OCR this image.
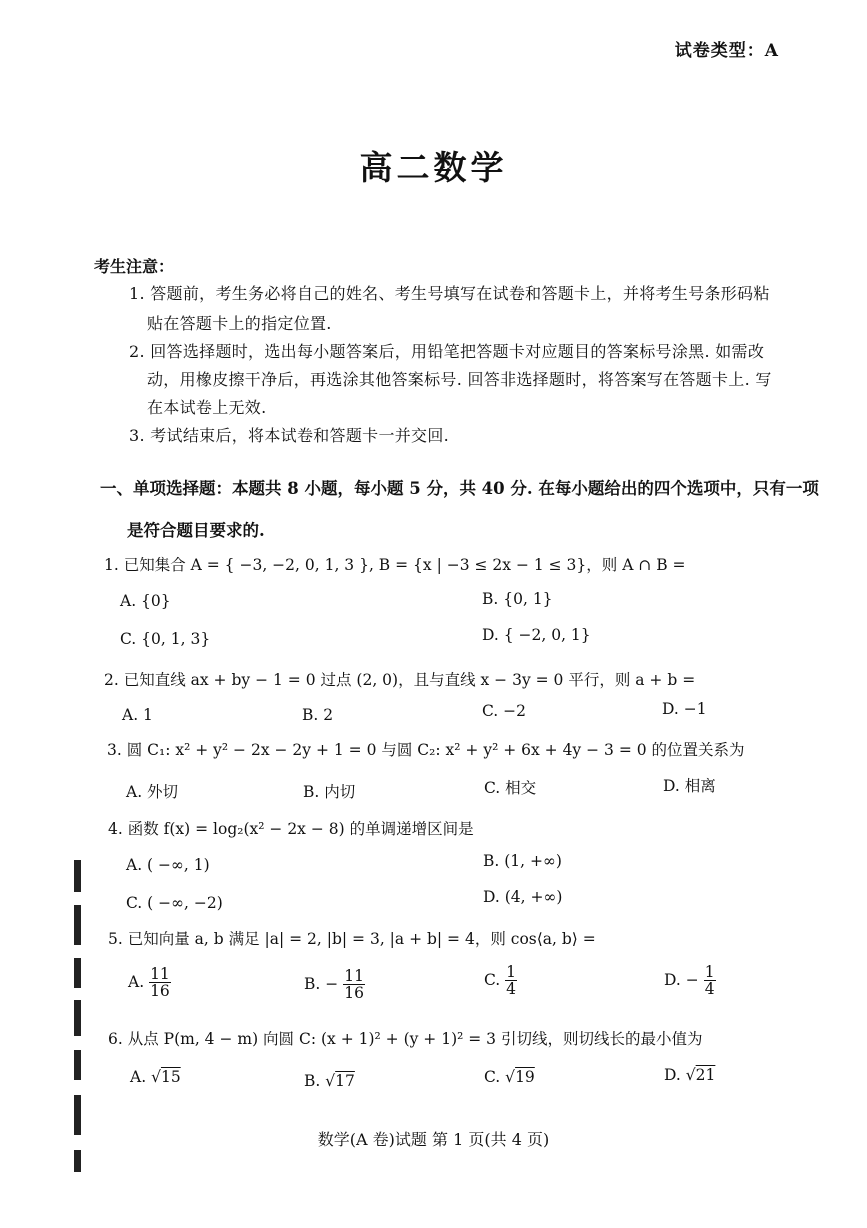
试卷类型：A
高二数学
考生注意：
1. 答题前，考生务必将自己的姓名、考生号填写在试卷和答题卡上，并将考生号条形码粘
贴在答题卡上的指定位置.
2. 回答选择题时，选出每小题答案后，用铅笔把答题卡对应题目的答案标号涂黑. 如需改
动，用橡皮擦干净后，再选涂其他答案标号. 回答非选择题时，将答案写在答题卡上. 写
在本试卷上无效.
3. 考试结束后，将本试卷和答题卡一并交回.
一、单项选择题：本题共 8 小题，每小题 5 分，共 40 分. 在每小题给出的四个选项中，只有一项
是符合题目要求的.
1. 已知集合 A = { −3, −2, 0, 1, 3 }, B = {x | −3 ≤ 2x − 1 ≤ 3}，则 A ∩ B =
A. {0}	B. {0, 1}
C. {0, 1, 3}	D. { −2, 0, 1}
2. 已知直线 ax + by − 1 = 0 过点 (2, 0)，且与直线 x − 3y = 0 平行，则 a + b =
A. 1	B. 2	C. −2	D. −1
3. 圆 C₁: x² + y² − 2x − 2y + 1 = 0 与圆 C₂: x² + y² + 6x + 4y − 3 = 0 的位置关系为
A. 外切	B. 内切	C. 相交	D. 相离
4. 函数 f(x) = log₂(x² − 2x − 8) 的单调递增区间是
A. ( −∞, 1)	B. (1, +∞)
C. ( −∞, −2)	D. (4, +∞)
5. 已知向量 a, b 满足 |a| = 2, |b| = 3, |a + b| = 4，则 cos⟨a, b⟩ =
A. $\frac{11}{16}$	B. − $\frac{11}{16}$	C. $\frac{1}{4}$	D. − $\frac{1}{4}$
6. 从点 P(m, 4 − m) 向圆 C: (x + 1)² + (y + 1)² = 3 引切线，则切线长的最小值为
A. √15	B. √17	C. √19	D. √21
数学(A 卷)试题 第 1 页(共 4 页)
